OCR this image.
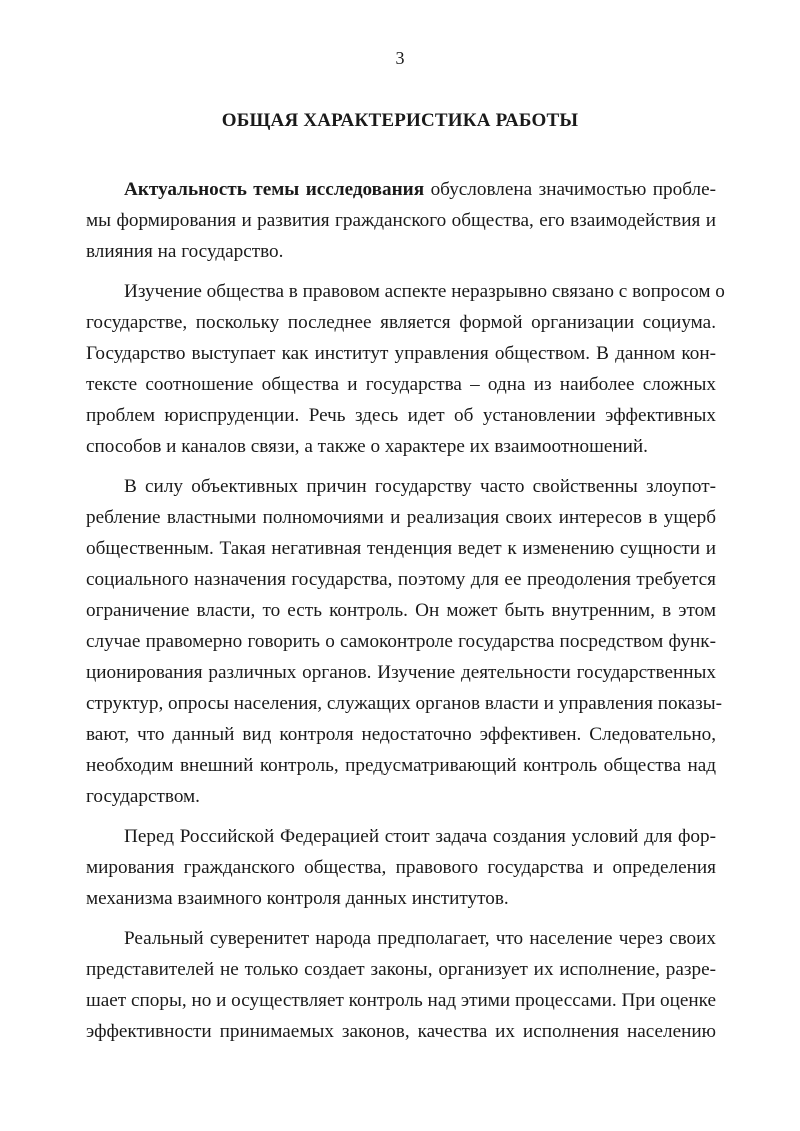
3
ОБЩАЯ ХАРАКТЕРИСТИКА РАБОТЫ
Актуальность темы исследования обусловлена значимостью пробле-
мы формирования и развития гражданского общества, его взаимодействия и
влияния на государство.
Изучение общества в правовом аспекте неразрывно связано с вопросом о
государстве, поскольку последнее является формой организации социума.
Государство выступает как институт управления обществом. В данном кон-
тексте соотношение общества и государства – одна из наиболее сложных
проблем юриспруденции. Речь здесь идет об установлении эффективных
способов и каналов связи, а также о характере их взаимоотношений.
В силу объективных причин государству часто свойственны злоупот-
ребление властными полномочиями и реализация своих интересов в ущерб
общественным. Такая негативная тенденция ведет к изменению сущности и
социального назначения государства, поэтому для ее преодоления требуется
ограничение власти, то есть контроль. Он может быть внутренним, в этом
случае правомерно говорить о самоконтроле государства посредством функ-
ционирования различных органов. Изучение деятельности государственных
структур, опросы населения, служащих органов власти и управления показы-
вают, что данный вид контроля недостаточно эффективен. Следовательно,
необходим внешний контроль, предусматривающий контроль общества над
государством.
Перед Российской Федерацией стоит задача создания условий для фор-
мирования гражданского общества, правового государства и определения
механизма взаимного контроля данных институтов.
Реальный суверенитет народа предполагает, что население через своих
представителей не только создает законы, организует их исполнение, разре-
шает споры, но и осуществляет контроль над этими процессами. При оценке
эффективности принимаемых законов, качества их исполнения населению
